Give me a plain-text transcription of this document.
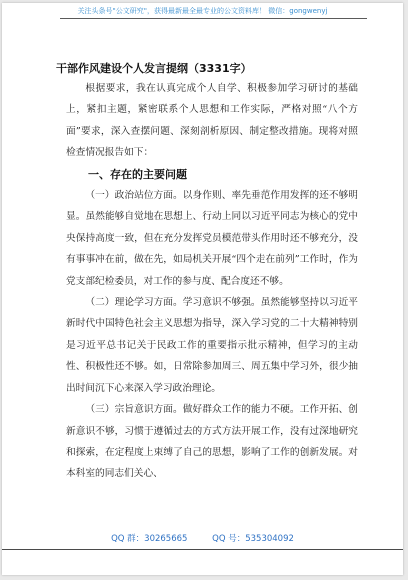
关注头条号"公文研究"，获得最新最全最专业的公文资料库！ 微信：gongwenyj
干部作风建设个人发言提纲（3331字）

根据要求，我在认真完成个人自学、积极参加学习研讨的基础上，紧扣主题，紧密联系个人思想和工作实际，严格对照“八个方面”要求，深入查摆问题、深刻剖析原因、制定整改措施。现将对照检查情况报告如下：

一、存在的主要问题

（一）政治站位方面。以身作则、率先垂范作用发挥的还不够明显。虽然能够自觉地在思想上、行动上同以习近平同志为核心的党中央保持高度一致，但在充分发挥党员模范带头作用时还不够充分，没有事事冲在前，做在先，如局机关开展“四个走在前列”工作时，作为党支部纪检委员，对工作的参与度、配合度还不够。

（二）理论学习方面。学习意识不够强。虽然能够坚持以习近平新时代中国特色社会主义思想为指导，深入学习党的二十大精神特别是习近平总书记关于民政工作的重要指示批示精神，但学习的主动性、积极性还不够。如，日常除参加周三、周五集中学习外，很少抽出时间沉下心来深入学习政治理论。

（三）宗旨意识方面。做好群众工作的能力不硬。工作开拓、创新意识不够，习惯于遵循过去的方式方法开展工作，没有过深地研究和探索，在定程度上束缚了自己的思想，影响了工作的创新发展。对本科室的同志们关心、

QQ 群：30265665	QQ 号：535304092
